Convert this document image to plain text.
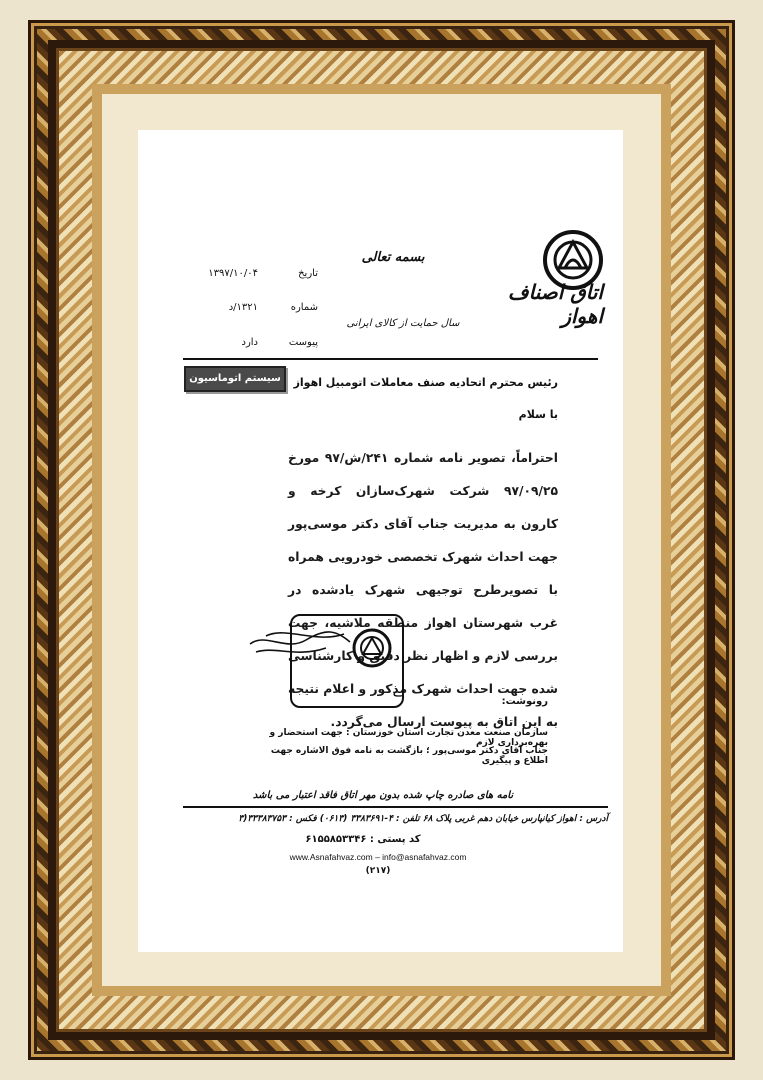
اتاق اصناف اهواز
بسمه تعالی
سال حمایت از کالای ایرانی
تاریخ
۱۳۹۷/۱۰/۰۴
شماره
۱۳۲۱/د
پیوست
دارد
سیستم اتوماسیون	رئیس محترم اتحادیه صنف معاملات اتومبیل اهواز
با سلام
احتراماً، تصویر نامه شماره ۲۴۱/ش/۹۷ مورخ ۹۷/۰۹/۲۵ شرکت شهرک‌سازان کرخه و کارون به مدیریت جناب آقای دکتر موسی‌پور جهت احداث شهرک تخصصی خودرویی همراه با تصویرطرح توجیهی شهرک یادشده در غرب شهرستان اهواز منطقه ملاشیه، جهت بررسی لازم و اظهار نظر دقیق و کارشناسی شده جهت احداث شهرک مذکور و اعلام نتیجه به این اتاق به پیوست ارسال می‌گردد.
رونوشت:
سازمان صنعت معدن تجارت استان خوزستان : جهت استحضار و بهره‌برداری لازم
جناب آقای دکتر موسی‌پور ؛ بازگشت به نامه فوق الاشاره جهت اطلاع و پیگیری
نامه های صادره چاپ شده بدون مهر اتاق فاقد اعتبار می باشد
آدرس : اهواز کیانپارس خیابان دهم غربی پلاک ۶۸ تلفن : ۴-۳۳۸۳۶۹۱ (۰۶۱۳) فکس : ۳۳۳۸۳۷۵۳(۳
کد پستی : ۶۱۵۵۸۵۳۳۴۶
www.Asnafahvaz.com – info@asnafahvaz.com
(۲۱۷)
